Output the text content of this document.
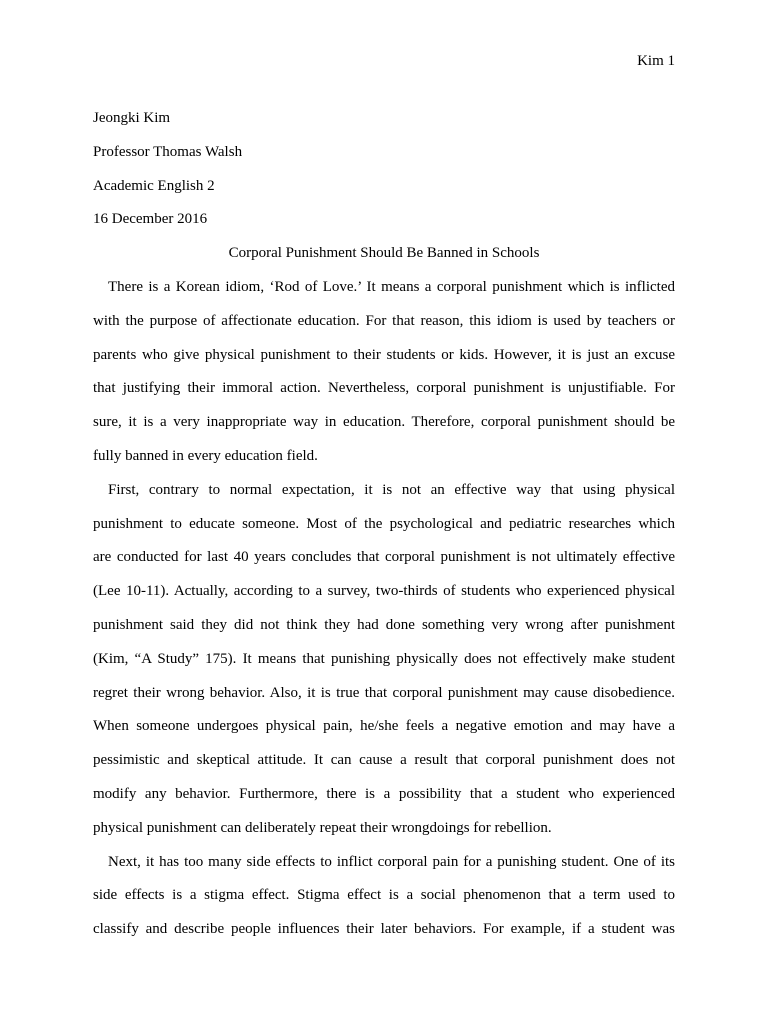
Kim 1

Jeongki Kim

Professor Thomas Walsh

Academic English 2

16 December 2016

Corporal Punishment Should Be Banned in Schools

There is a Korean idiom, ‘Rod of Love.’ It means a corporal punishment which is inflicted
with the purpose of affectionate education. For that reason, this idiom is used by teachers or
parents who give physical punishment to their students or kids. However, it is just an excuse
that justifying their immoral action. Nevertheless, corporal punishment is unjustifiable. For
sure, it is a very inappropriate way in education. Therefore, corporal punishment should be
fully banned in every education field.

First, contrary to normal expectation, it is not an effective way that using physical
punishment to educate someone. Most of the psychological and pediatric researches which
are conducted for last 40 years concludes that corporal punishment is not ultimately effective
(Lee 10-11). Actually, according to a survey, two-thirds of students who experienced physical
punishment said they did not think they had done something very wrong after punishment
(Kim, “A Study” 175). It means that punishing physically does not effectively make student
regret their wrong behavior. Also, it is true that corporal punishment may cause disobedience.
When someone undergoes physical pain, he/she feels a negative emotion and may have a
pessimistic and skeptical attitude. It can cause a result that corporal punishment does not
modify any behavior. Furthermore, there is a possibility that a student who experienced
physical punishment can deliberately repeat their wrongdoings for rebellion.

Next, it has too many side effects to inflict corporal pain for a punishing student. One of its
side effects is a stigma effect. Stigma effect is a social phenomenon that a term used to
classify and describe people influences their later behaviors. For example, if a student was
